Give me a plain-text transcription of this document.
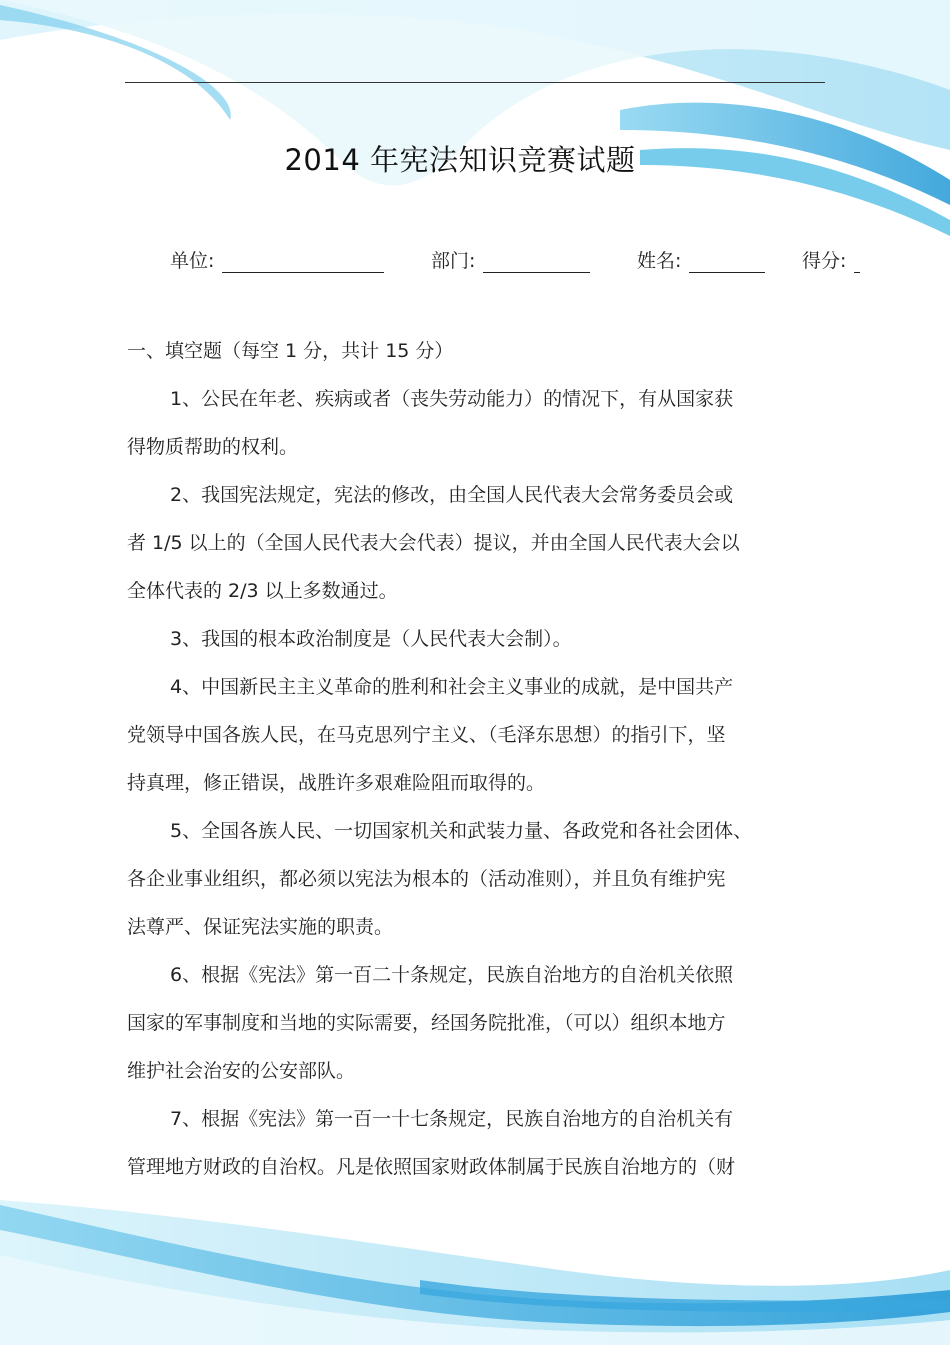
2014 年宪法知识竞赛试题
单位:	部门:	姓名:	得分:
一、填空题（每空 1 分，共计 15 分）
1、公民在年老、疾病或者（丧失劳动能力）的情况下，有从国家获
得物质帮助的权利。
2、我国宪法规定，宪法的修改，由全国人民代表大会常务委员会或
者 1/5 以上的（全国人民代表大会代表）提议，并由全国人民代表大会以
全体代表的 2/3 以上多数通过。
3、我国的根本政治制度是（人民代表大会制）。
4、中国新民主主义革命的胜利和社会主义事业的成就，是中国共产
党领导中国各族人民，在马克思列宁主义、（毛泽东思想）的指引下，坚
持真理，修正错误，战胜许多艰难险阻而取得的。
5、全国各族人民、一切国家机关和武装力量、各政党和各社会团体、
各企业事业组织，都必须以宪法为根本的（活动准则），并且负有维护宪
法尊严、保证宪法实施的职责。
6、根据《宪法》第一百二十条规定，民族自治地方的自治机关依照
国家的军事制度和当地的实际需要，经国务院批准，（可以）组织本地方
维护社会治安的公安部队。
7、根据《宪法》第一百一十七条规定，民族自治地方的自治机关有
管理地方财政的自治权。凡是依照国家财政体制属于民族自治地方的（财
